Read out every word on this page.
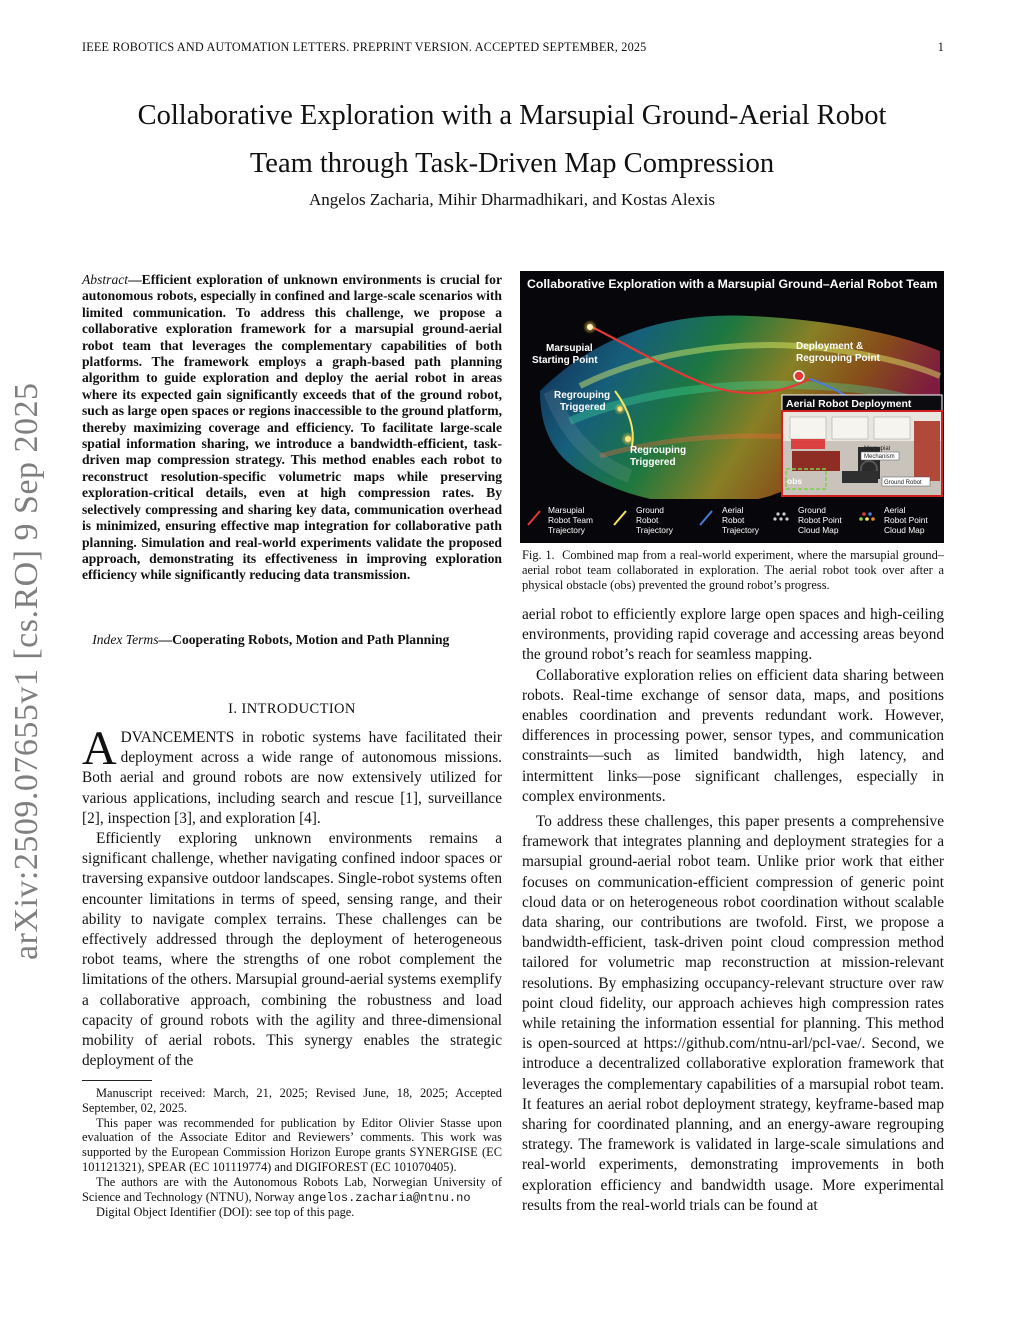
IEEE ROBOTICS AND AUTOMATION LETTERS. PREPRINT VERSION. ACCEPTED SEPTEMBER, 2025	1
Collaborative Exploration with a Marsupial Ground-Aerial Robot
Team through Task-Driven Map Compression
Angelos Zacharia, Mihir Dharmadhikari, and Kostas Alexis
arXiv:2509.07655v1 [cs.RO] 9 Sep 2025
Abstract—Efficient exploration of unknown environments is crucial for autonomous robots, especially in confined and large-scale scenarios with limited communication. To address this challenge, we propose a collaborative exploration framework for a marsupial ground-aerial robot team that leverages the complementary capabilities of both platforms. The framework employs a graph-based path planning algorithm to guide exploration and deploy the aerial robot in areas where its expected gain significantly exceeds that of the ground robot, such as large open spaces or regions inaccessible to the ground platform, thereby maximizing coverage and efficiency. To facilitate large-scale spatial information sharing, we introduce a bandwidth-efficient, task-driven map compression strategy. This method enables each robot to reconstruct resolution-specific volumetric maps while preserving exploration-critical details, even at high compression rates. By selectively compressing and sharing key data, communication overhead is minimized, ensuring effective map integration for collaborative path planning. Simulation and real-world experiments validate the proposed approach, demonstrating its effectiveness in improving exploration efficiency while significantly reducing data transmission.
Index Terms—Cooperating Robots, Motion and Path Planning
I. INTRODUCTION

ADVANCEMENTS in robotic systems have facilitated their deployment across a wide range of autonomous missions. Both aerial and ground robots are now extensively utilized for various applications, including search and rescue [1], surveillance [2], inspection [3], and exploration [4].

Efficiently exploring unknown environments remains a significant challenge, whether navigating confined indoor spaces or traversing expansive outdoor landscapes. Single-robot systems often encounter limitations in terms of speed, sensing range, and their ability to navigate complex terrains. These challenges can be effectively addressed through the deployment of heterogeneous robot teams, where the strengths of one robot complement the limitations of the others. Marsupial ground-aerial systems exemplify a collaborative approach, combining the robustness and load capacity of ground robots with the agility and three-dimensional mobility of aerial robots. This synergy enables the strategic deployment of the

Manuscript received: March, 21, 2025; Revised June, 18, 2025; Accepted September, 02, 2025.

This paper was recommended for publication by Editor Olivier Stasse upon evaluation of the Associate Editor and Reviewers’ comments. This work was supported by the European Commission Horizon Europe grants SYNERGISE (EC 101121321), SPEAR (EC 101119774) and DIGIFOREST (EC 101070405).

The authors are with the Autonomous Robots Lab, Norwegian University of Science and Technology (NTNU), Norway angelos.zacharia@ntnu.no

Digital Object Identifier (DOI): see top of this page.

Collaborative Exploration with a Marsupial Ground–Aerial Robot Team
Marsupial
Starting Point
Deployment &
Regrouping Point
Regrouping
Triggered
Regrouping
Triggered
Aerial Robot Deployment
Marsupial
Mechanism
Ground Robot
obs
Marsupial
Robot Team
Trajectory
Ground
Robot
Trajectory
Aerial
Robot
Trajectory
Ground
Robot Point
Cloud Map
Aerial
Robot Point
Cloud Map
Fig. 1. Combined map from a real-world experiment, where the marsupial ground–aerial robot team collaborated in exploration. The aerial robot took over after a physical obstacle (obs) prevented the ground robot’s progress.

aerial robot to efficiently explore large open spaces and high-ceiling environments, providing rapid coverage and accessing areas beyond the ground robot’s reach for seamless mapping.

Collaborative exploration relies on efficient data sharing between robots. Real-time exchange of sensor data, maps, and positions enables coordination and prevents redundant work. However, differences in processing power, sensor types, and communication constraints—such as limited bandwidth, high latency, and intermittent links—pose significant challenges, especially in complex environments.

To address these challenges, this paper presents a comprehensive framework that integrates planning and deployment strategies for a marsupial ground-aerial robot team. Unlike prior work that either focuses on communication-efficient compression of generic point cloud data or on heterogeneous robot coordination without scalable data sharing, our contributions are twofold. First, we propose a bandwidth-efficient, task-driven point cloud compression method tailored for volumetric map reconstruction at mission-relevant resolutions. By emphasizing occupancy-relevant structure over raw point cloud fidelity, our approach achieves high compression rates while retaining the information essential for planning. This method is open-sourced at https://github.com/ntnu-arl/pcl-vae/. Second, we introduce a decentralized collaborative exploration framework that leverages the complementary capabilities of a marsupial robot team. It features an aerial robot deployment strategy, keyframe-based map sharing for coordinated planning, and an energy-aware regrouping strategy. The framework is validated in large-scale simulations and real-world experiments, demonstrating improvements in both exploration efficiency and bandwidth usage. More experimental results from the real-world trials can be found at
